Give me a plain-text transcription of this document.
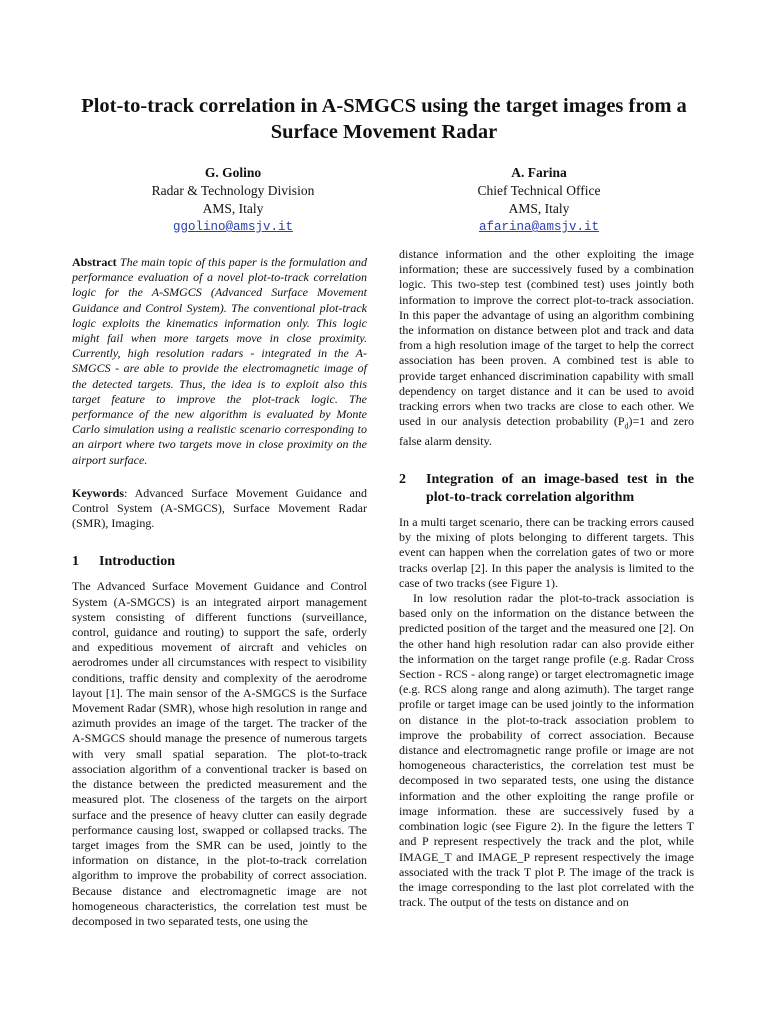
Plot-to-track correlation in A-SMGCS using the target images from a Surface Movement Radar
G. Golino
Radar & Technology Division
AMS, Italy
ggolino@amsjv.it
A. Farina
Chief Technical Office
AMS, Italy
afarina@amsjv.it

Abstract The main topic of this paper is the formulation and performance evaluation of a novel plot-to-track correlation logic for the A-SMGCS (Advanced Surface Movement Guidance and Control System). The conventional plot-track logic exploits the kinematics information only. This logic might fail when more targets move in close proximity. Currently, high resolution radars - integrated in the A-SMGCS - are able to provide the electromagnetic image of the detected targets. Thus, the idea is to exploit also this target feature to improve the plot-track logic. The performance of the new algorithm is evaluated by Monte Carlo simulation using a realistic scenario corresponding to an airport where two targets move in close proximity on the airport surface.

Keywords: Advanced Surface Movement Guidance and Control System (A-SMGCS), Surface Movement Radar (SMR), Imaging.

1	Introduction

The Advanced Surface Movement Guidance and Control System (A-SMGCS) is an integrated airport management system consisting of different functions (surveillance, control, guidance and routing) to support the safe, orderly and expeditious movement of aircraft and vehicles on aerodromes under all circumstances with respect to visibility conditions, traffic density and complexity of the aerodrome layout [1]. The main sensor of the A-SMGCS is the Surface Movement Radar (SMR), whose high resolution in range and azimuth provides an image of the target. The tracker of the A-SMGCS should manage the presence of numerous targets with very small spatial separation. The plot-to-track association algorithm of a conventional tracker is based on the distance between the predicted measurement and the measured plot. The closeness of the targets on the airport surface and the presence of heavy clutter can easily degrade performance causing lost, swapped or collapsed tracks. The target images from the SMR can be used, jointly to the information on distance, in the plot-to-track correlation algorithm to improve the probability of correct association. Because distance and electromagnetic image are not homogeneous characteristics, the correlation test must be decomposed in two separated tests, one using the

distance information and the other exploiting the image information; these are successively fused by a combination logic. This two-step test (combined test) uses jointly both information to improve the correct plot-to-track association. In this paper the advantage of using an algorithm combining the information on distance between plot and track and data from a high resolution image of the target to help the correct association has been proven. A combined test is able to provide target enhanced discrimination capability with small dependency on target distance and it can be used to avoid tracking errors when two tracks are close to each other. We used in our analysis detection probability $(P_d)=1$ and zero false alarm density.

2	Integration of an image-based test in the plot-to-track correlation algorithm

In a multi target scenario, there can be tracking errors caused by the mixing of plots belonging to different targets. This event can happen when the correlation gates of two or more tracks overlap [2]. In this paper the analysis is limited to the case of two tracks (see Figure 1).

In low resolution radar the plot-to-track association is based only on the information on the distance between the predicted position of the target and the measured one [2]. On the other hand high resolution radar can also provide either the information on the target range profile (e.g. Radar Cross Section - RCS - along range) or target electromagnetic image (e.g. RCS along range and along azimuth). The target range profile or target image can be used jointly to the information on distance in the plot-to-track association problem to improve the probability of correct association. Because distance and electromagnetic range profile or image are not homogeneous characteristics, the correlation test must be decomposed in two separated tests, one using the distance information and the other exploiting the range profile or image information. these are successively fused by a combination logic (see Figure 2). In the figure the letters T and P represent respectively the track and the plot, while IMAGE_T and IMAGE_P represent respectively the image associated with the track T plot P. The image of the track is the image corresponding to the last plot correlated with the track. The output of the tests on distance and on
